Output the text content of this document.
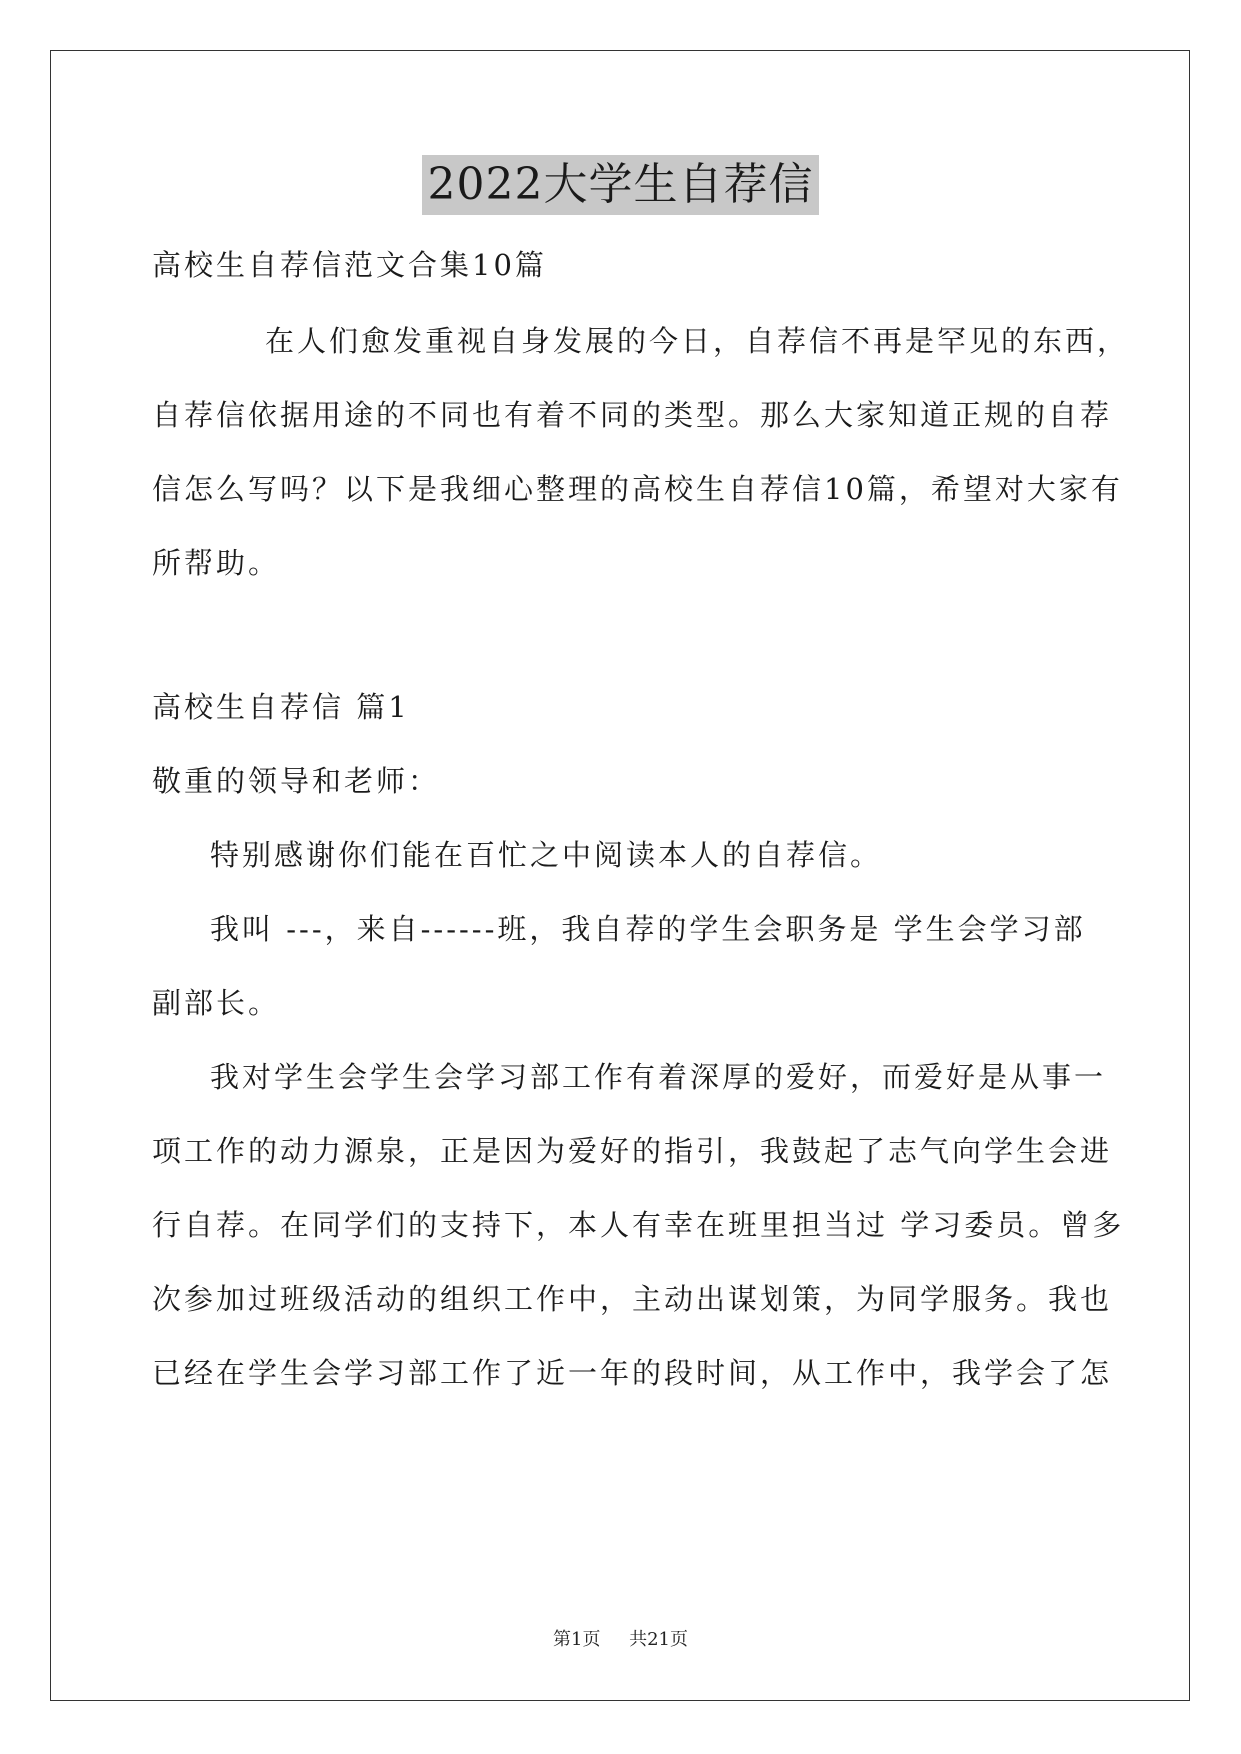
2022大学生自荐信
高校生自荐信范文合集10篇
在人们愈发重视自身发展的今日，自荐信不再是罕见的东西，
自荐信依据用途的不同也有着不同的类型。那么大家知道正规的自荐
信怎么写吗？以下是我细心整理的高校生自荐信10篇，希望对大家有
所帮助。
高校生自荐信 篇1
敬重的领导和老师：
特别感谢你们能在百忙之中阅读本人的自荐信。
我叫 ---，来自------班，我自荐的学生会职务是 学生会学习部
副部长。
我对学生会学生会学习部工作有着深厚的爱好，而爱好是从事一
项工作的动力源泉，正是因为爱好的指引，我鼓起了志气向学生会进
行自荐。在同学们的支持下，本人有幸在班里担当过 学习委员。曾多
次参加过班级活动的组织工作中，主动出谋划策，为同学服务。我也
已经在学生会学习部工作了近一年的段时间，从工作中，我学会了怎
第1页 共21页
